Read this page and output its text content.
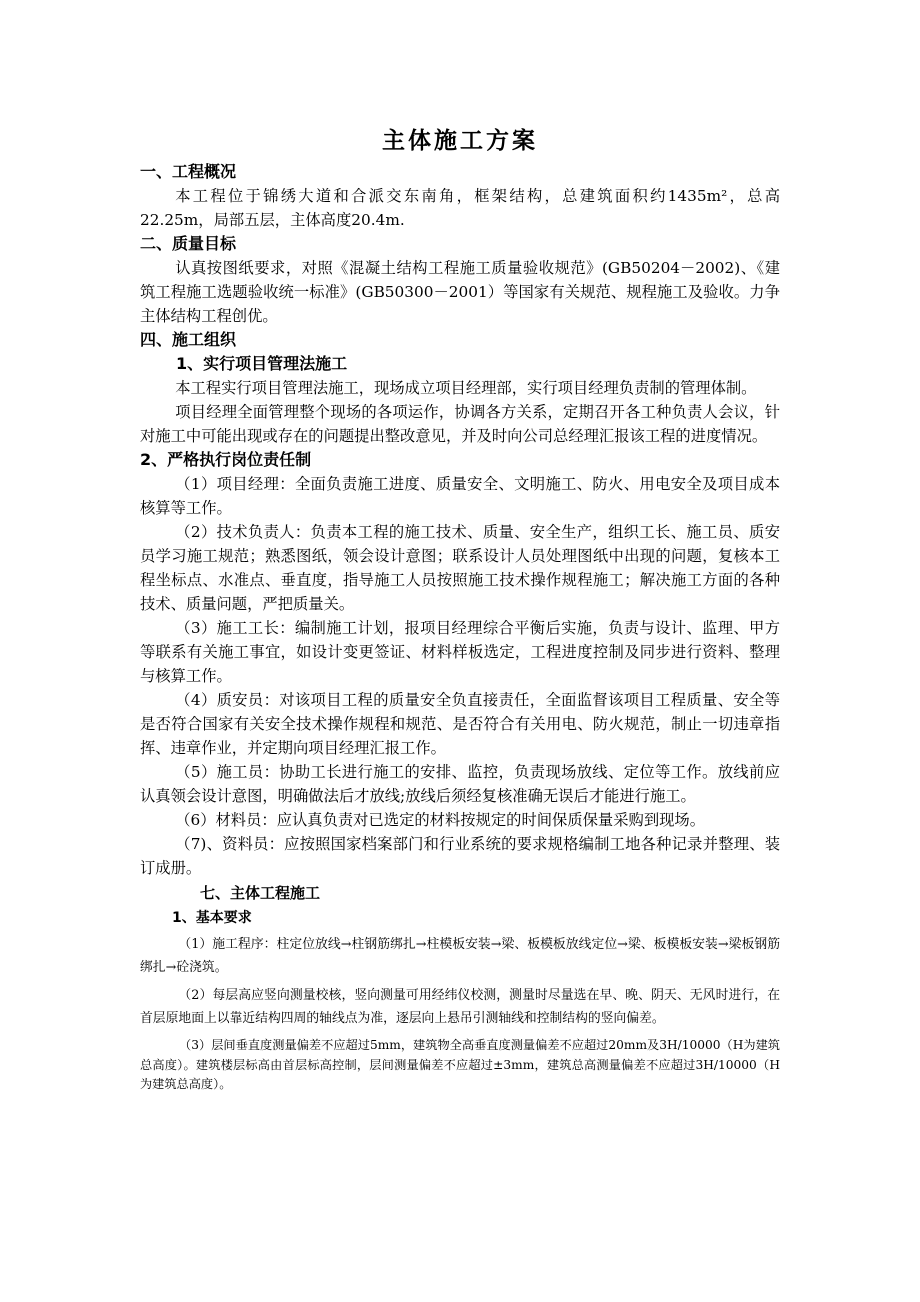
主体施工方案

一、工程概况

本工程位于锦绣大道和合派交东南角，框架结构，总建筑面积约1435m²，总高22.25m，局部五层，主体高度20.4m.

二、质量目标

认真按图纸要求，对照《混凝土结构工程施工质量验收规范》(GB50204－2002)、《建筑工程施工选题验收统一标准》(GB50300－2001）等国家有关规范、规程施工及验收。力争主体结构工程创优。

四、施工组织

1、实行项目管理法施工

本工程实行项目管理法施工，现场成立项目经理部，实行项目经理负责制的管理体制。

项目经理全面管理整个现场的各项运作，协调各方关系，定期召开各工种负责人会议，针对施工中可能出现或存在的问题提出整改意见，并及时向公司总经理汇报该工程的进度情况。

2、严格执行岗位责任制

（1）项目经理：全面负责施工进度、质量安全、文明施工、防火、用电安全及项目成本核算等工作。

（2）技术负责人：负责本工程的施工技术、质量、安全生产，组织工长、施工员、质安员学习施工规范；熟悉图纸，领会设计意图；联系设计人员处理图纸中出现的问题，复核本工程坐标点、水准点、垂直度，指导施工人员按照施工技术操作规程施工；解决施工方面的各种技术、质量问题，严把质量关。

（3）施工工长：编制施工计划，报项目经理综合平衡后实施，负责与设计、监理、甲方等联系有关施工事宜，如设计变更签证、材料样板选定，工程进度控制及同步进行资料、整理与核算工作。

（4）质安员：对该项目工程的质量安全负直接责任，全面监督该项目工程质量、安全等是否符合国家有关安全技术操作规程和规范、是否符合有关用电、防火规范，制止一切违章指挥、违章作业，并定期向项目经理汇报工作。

（5）施工员：协助工长进行施工的安排、监控，负责现场放线、定位等工作。放线前应认真领会设计意图，明确做法后才放线;放线后须经复核准确无误后才能进行施工。

（6）材料员：应认真负责对已选定的材料按规定的时间保质保量采购到现场。

（7)、资料员：应按照国家档案部门和行业系统的要求规格编制工地各种记录并整理、装订成册。

七、主体工程施工

1、基本要求

（1）施工程序：柱定位放线→柱钢筋绑扎→柱模板安装→梁、板模板放线定位→梁、板模板安装→梁板钢筋绑扎→砼浇筑。

（2）每层高应竖向测量校核，竖向测量可用经纬仪校测，测量时尽量选在早、晚、阴天、无风时进行，在首层原地面上以靠近结构四周的轴线点为准，逐层向上悬吊引测轴线和控制结构的竖向偏差。

（3）层间垂直度测量偏差不应超过5mm，建筑物全高垂直度测量偏差不应超过20mm及3H/10000（H为建筑总高度）。建筑楼层标高由首层标高控制，层间测量偏差不应超过±3mm，建筑总高测量偏差不应超过3H/10000（H为建筑总高度）。
